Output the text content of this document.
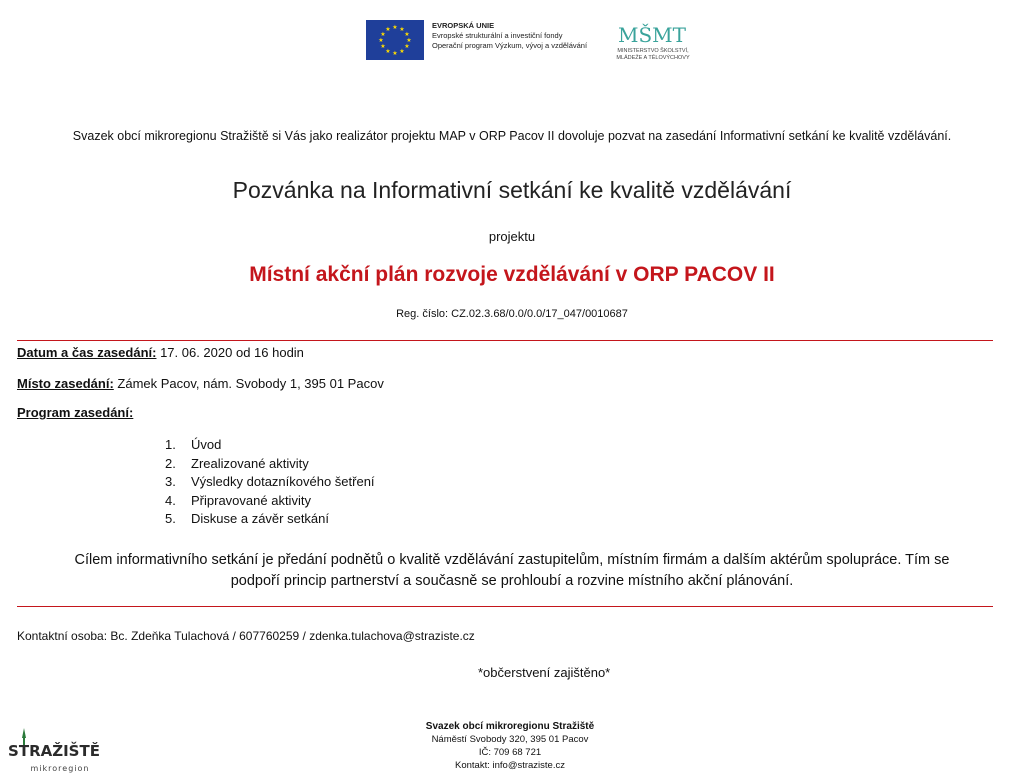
★ ★
★
★
★
★
★
★
★
★
★
★	EVROPSKÁ UNIE
Evropské strukturální a investiční fondy
Operační program Výzkum, vývoj a vzdělávání MŠMT
MINISTERSTVO ŠKOLSTVÍ,
MLÁDEŽE A TĚLOVÝCHOVY
Svazek obcí mikroregionu Stražiště si Vás jako realizátor projektu MAP v ORP Pacov II dovoluje pozvat na zasedání Informativní setkání ke kvalitě vzdělávání.
Pozvánka na Informativní setkání ke kvalitě vzdělávání
projektu
Místní akční plán rozvoje vzdělávání v ORP PACOV II
Reg. číslo: CZ.02.3.68/0.0/0.0/17_047/0010687
Datum a čas zasedání: 17. 06. 2020 od 16 hodin
Místo zasedání: Zámek Pacov, nám. Svobody 1, 395 01 Pacov
Program zasedání:
1.	Úvod
2.	Zrealizované aktivity
3.	Výsledky dotazníkového šetření
4.	Připravované aktivity
5.	Diskuse a závěr setkání
Cílem informativního setkání je předání podnětů o kvalitě vzdělávání zastupitelům, místním firmám a dalším aktérům spolupráce. Tím se
podpoří princip partnerství a současně se prohloubí a rozvine místního akční plánování.
Kontaktní osoba: Bc. Zdeňka Tulachová / 607760259 / zdenka.tulachova@straziste.cz
*občerstvení zajištěno*
STRAŽIŠTĚ
mikroregion
Svazek obcí mikroregionu Stražiště
Náměstí Svobody 320, 395 01 Pacov
IČ: 709 68 721
Kontakt: info@straziste.cz
